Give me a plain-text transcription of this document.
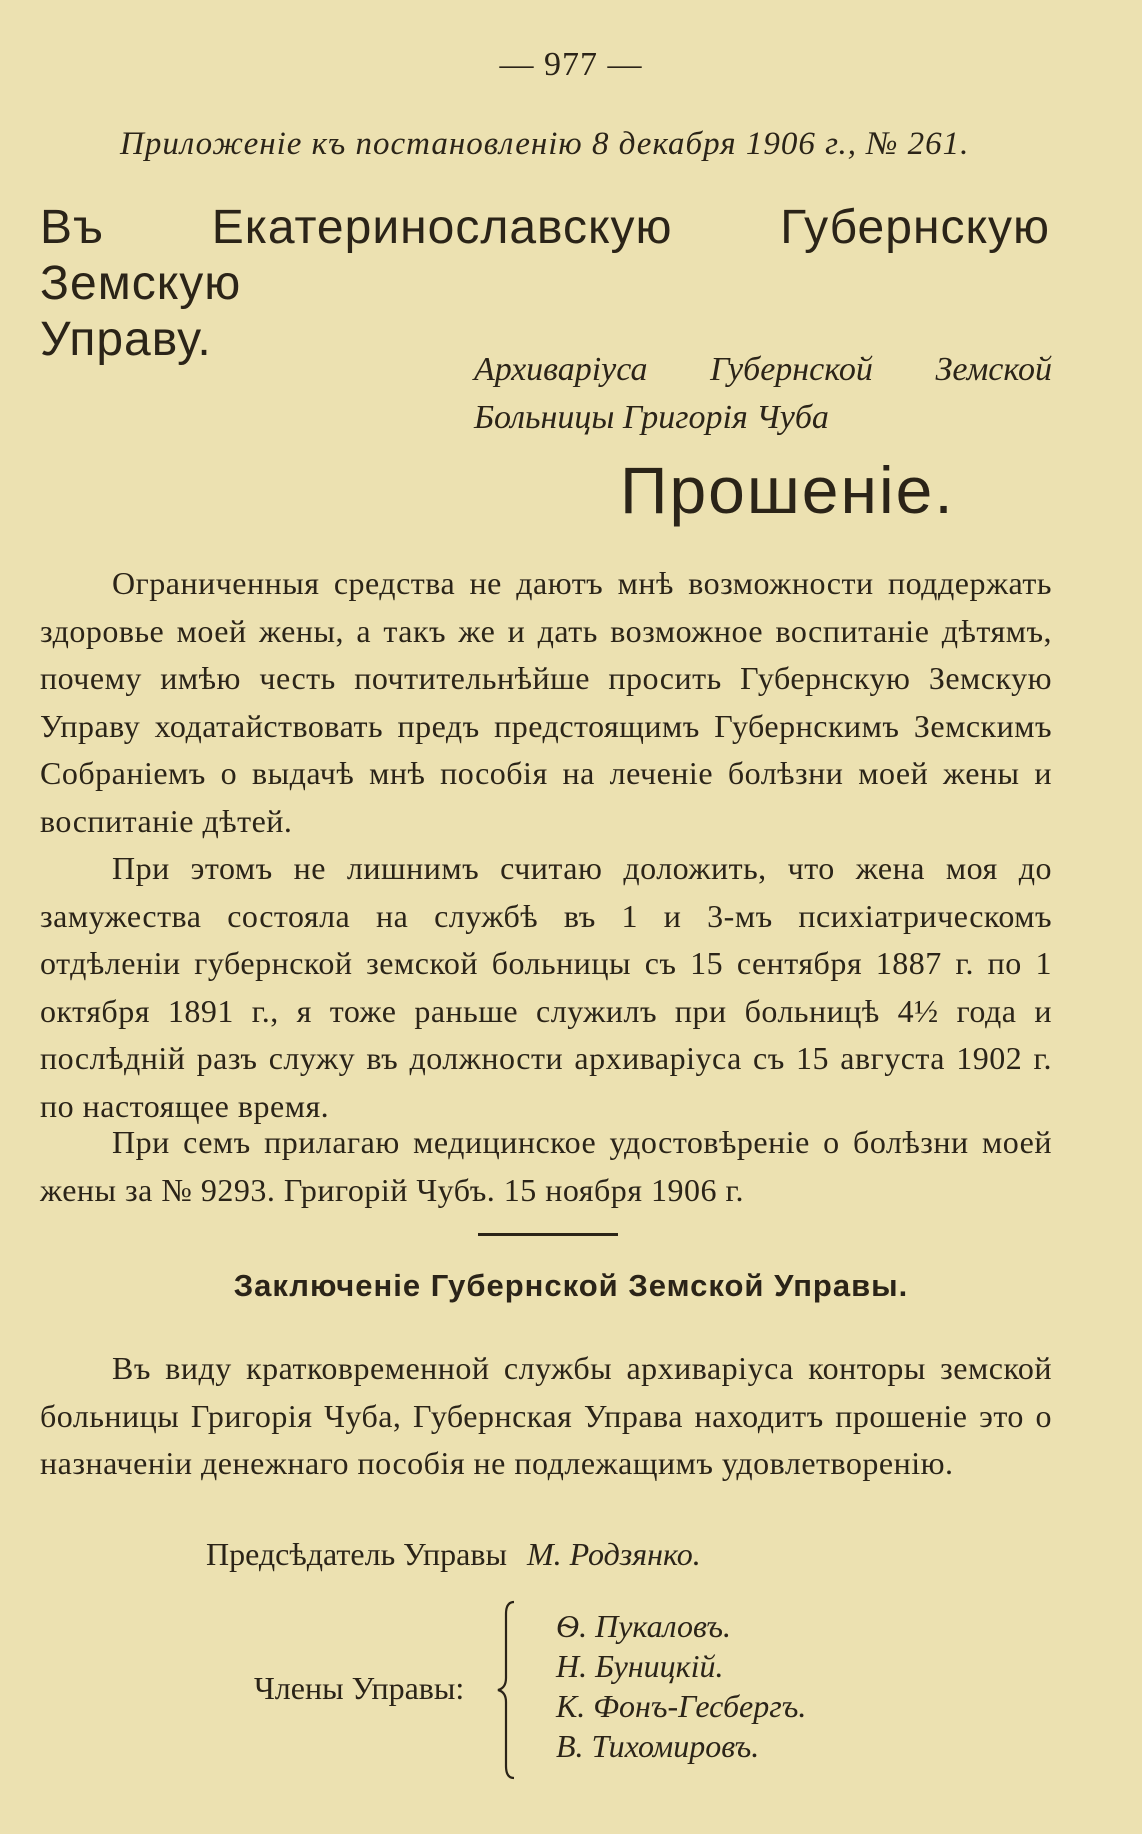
— 977 —
Приложеніе къ постановленію 8 декабря 1906 г., № 261.
Въ Екатеринославскую Губернскую Земскую
Управу.
Архиваріуса Губернской Земской
Больницы Григорія Чуба
Прошеніе.

Ограниченныя средства не даютъ мнѣ возможности поддержать здоровье моей жены, а такъ же и дать возможное воспитаніе дѣтямъ, почему имѣю честь почтительнѣйше просить Губернскую Земскую Управу ходатайствовать предъ предстоящимъ Губернскимъ Земскимъ Собраніемъ о выдачѣ мнѣ пособія на леченіе болѣзни моей жены и воспитаніе дѣтей.

При этомъ не лишнимъ считаю доложить, что жена моя до замужества состояла на службѣ въ 1 и 3-мъ психіатрическомъ отдѣленіи губернской земской больницы съ 15 сентября 1887 г. по 1 октября 1891 г., я тоже раньше служилъ при больницѣ 4½ года и послѣдній разъ служу въ должности архиваріуса съ 15 августа 1902 г. по настоящее время.

При семъ прилагаю медицинское удостовѣреніе о болѣзни моей жены за № 9293. Григорій Чубъ. 15 ноября 1906 г.

Заключеніе Губернской Земской Управы.

Въ виду кратковременной службы архиваріуса конторы земской больницы Григорія Чуба, Губернская Управа находитъ прошеніе это о назначеніи денежнаго пособія не подлежащимъ удовлетворенію.

Предсѣдатель Управы М. Родзянко.
Члены Управы:
Ѳ. Пукаловъ.
Н. Буницкій.
К. Фонъ-Гесбергъ.
В. Тихомировъ.
